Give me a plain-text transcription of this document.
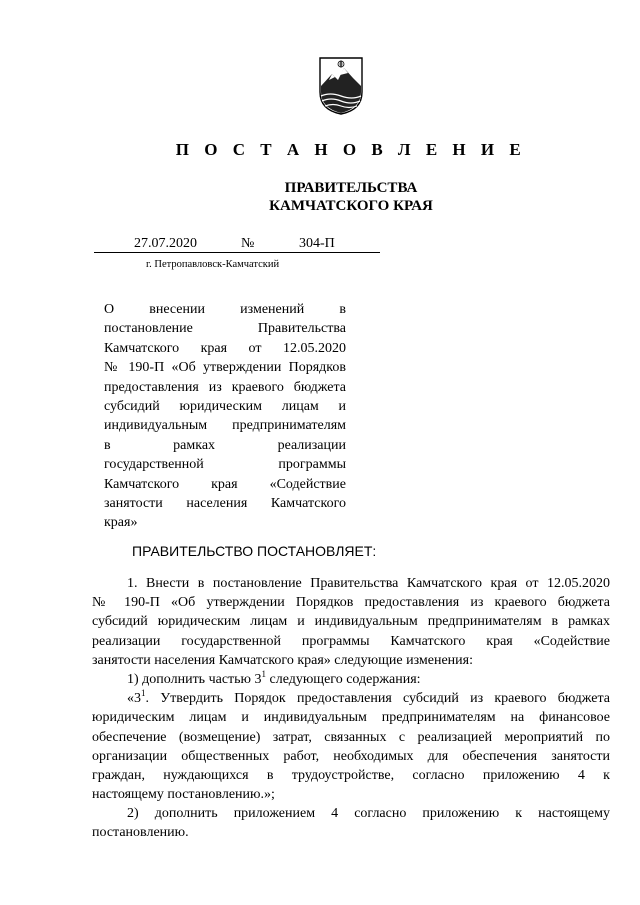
П О С Т А Н О В Л Е Н И Е
ПРАВИТЕЛЬСТВА
КАМЧАТСКОГО КРАЯ
27.07.2020	№	304-П
г. Петропавловск-Камчатский
О внесении изменений в
постановление Правительства
Камчатского края от 12.05.2020
№ 190-П «Об утверждении Порядков
предоставления из краевого бюджета
субсидий юридическим лицам и
индивидуальным предпринимателям
в рамках реализации
государственной программы
Камчатского края «Содействие
занятости населения Камчатского
края»
ПРАВИТЕЛЬСТВО ПОСТАНОВЛЯЕТ:
1. Внести в постановление Правительства Камчатского края от 12.05.2020
№ 190-П «Об утверждении Порядков предоставления из краевого бюджета
субсидий юридическим лицам и индивидуальным предпринимателям в рамках
реализации государственной программы Камчатского края «Содействие
занятости населения Камчатского края» следующие изменения:
1) дополнить частью $3^1$ следующего содержания:
«$3^1$. Утвердить Порядок предоставления субсидий из краевого бюджета
юридическим лицам и индивидуальным предпринимателям на финансовое
обеспечение (возмещение) затрат, связанных с реализацией мероприятий по
организации общественных работ, необходимых для обеспечения занятости
граждан, нуждающихся в трудоустройстве, согласно приложению 4 к
настоящему постановлению.»;
2) дополнить приложением 4 согласно приложению к настоящему
постановлению.
